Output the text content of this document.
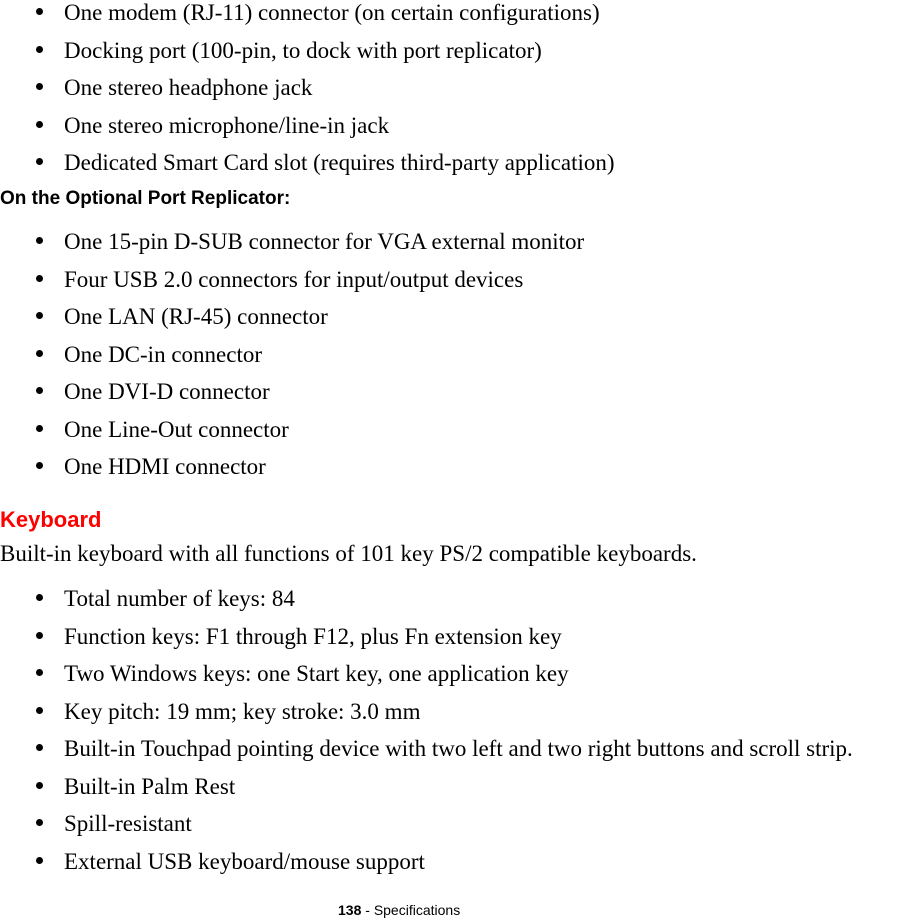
One modem (RJ-11) connector (on certain configurations)
Docking port (100-pin, to dock with port replicator)
One stereo headphone jack
One stereo microphone/line-in jack
Dedicated Smart Card slot (requires third-party application)
On the Optional Port Replicator:
One 15-pin D-SUB connector for VGA external monitor
Four USB 2.0 connectors for input/output devices
One LAN (RJ-45) connector
One DC-in connector
One DVI-D connector
One Line-Out connector
One HDMI connector
Keyboard
Built-in keyboard with all functions of 101 key PS/2 compatible keyboards.
Total number of keys: 84
Function keys: F1 through F12, plus Fn extension key
Two Windows keys: one Start key, one application key
Key pitch: 19 mm; key stroke: 3.0 mm
Built-in Touchpad pointing device with two left and two right buttons and scroll strip.
Built-in Palm Rest
Spill-resistant
External USB keyboard/mouse support
138 - Specifications
